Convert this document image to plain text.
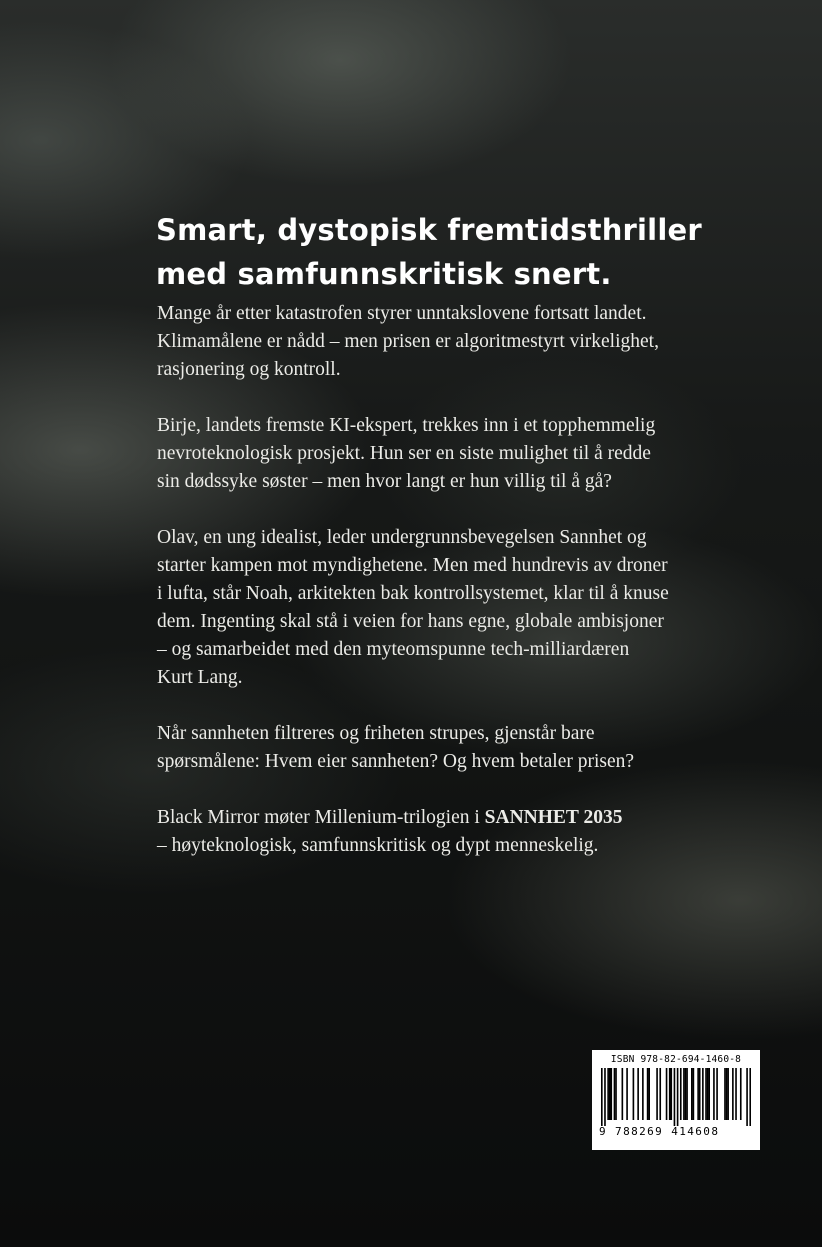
Smart, dystopisk fremtidsthriller
med samfunnskritisk snert.

Mange år etter katastrofen styrer unntakslovene fortsatt landet.
Klimamålene er nådd – men prisen er algoritmestyrt virkelighet,
rasjonering og kontroll.

Birje, landets fremste KI-ekspert, trekkes inn i et topphemmelig
nevroteknologisk prosjekt. Hun ser en siste mulighet til å redde
sin dødssyke søster – men hvor langt er hun villig til å gå?

Olav, en ung idealist, leder undergrunnsbevegelsen Sannhet og
starter kampen mot myndighetene. Men med hundrevis av droner
i lufta, står Noah, arkitekten bak kontrollsystemet, klar til å knuse
dem. Ingenting skal stå i veien for hans egne, globale ambisjoner
– og samarbeidet med den myteomspunne tech-milliardæren
Kurt Lang.

Når sannheten filtreres og friheten strupes, gjenstår bare
spørsmålene: Hvem eier sannheten? Og hvem betaler prisen?

Black Mirror møter Millenium-trilogien i SANNHET 2035
– høyteknologisk, samfunnskritisk og dypt menneskelig.

ISBN 978-82-694-1460-8
9 788269 414608
